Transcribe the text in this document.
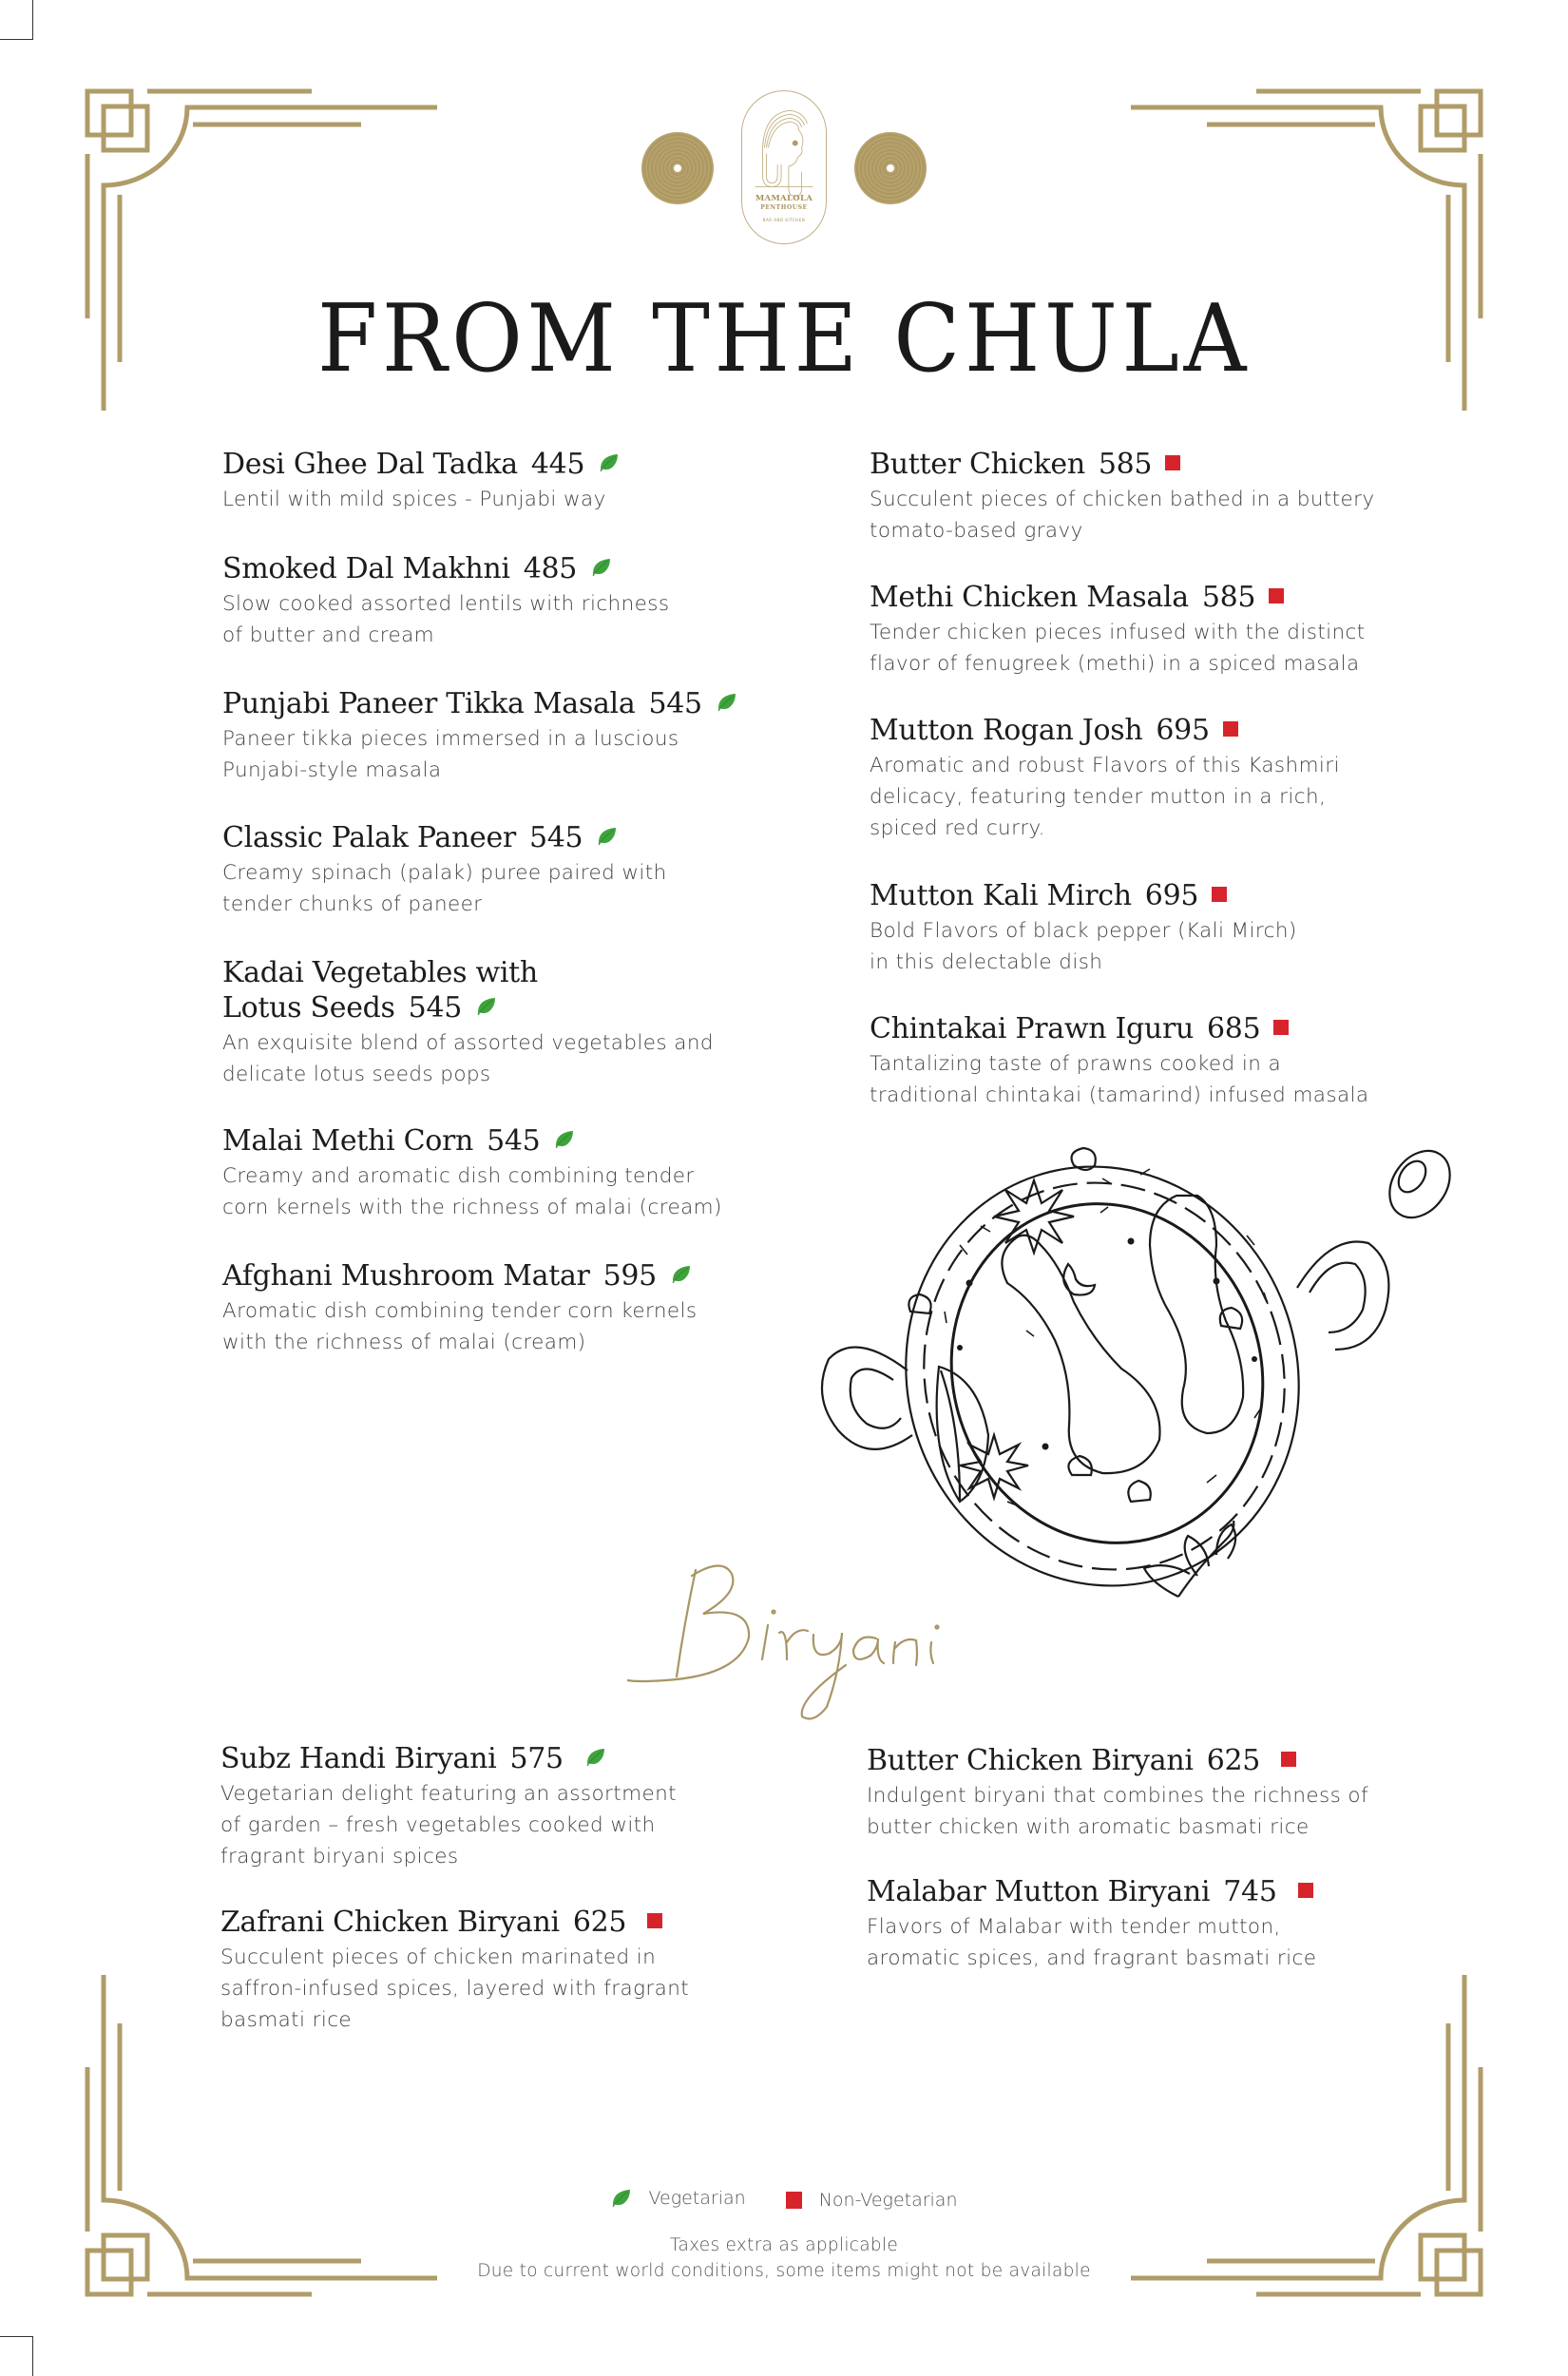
MAMALOLA
PENTHOUSE
BAR AND KITCHEN
FROM THE CHULA
Desi Ghee Dal Tadka 445
Lentil with mild spices - Punjabi way
Smoked Dal Makhni 485
Slow cooked assorted lentils with richness
of butter and cream
Punjabi Paneer Tikka Masala 545
Paneer tikka pieces immersed in a luscious
Punjabi-style masala
Classic Palak Paneer 545
Creamy spinach (palak) puree paired with
tender chunks of paneer
Kadai Vegetables with
Lotus Seeds 545
An exquisite blend of assorted vegetables and
delicate lotus seeds pops
Malai Methi Corn 545
Creamy and aromatic dish combining tender
corn kernels with the richness of malai (cream)
Afghani Mushroom Matar 595
Aromatic dish combining tender corn kernels
with the richness of malai (cream)
Butter Chicken 585
Succulent pieces of chicken bathed in a buttery
tomato-based gravy
Methi Chicken Masala 585
Tender chicken pieces infused with the distinct
flavor of fenugreek (methi) in a spiced masala
Mutton Rogan Josh 695
Aromatic and robust Flavors of this Kashmiri
delicacy, featuring tender mutton in a rich,
spiced red curry.
Mutton Kali Mirch 695
Bold Flavors of black pepper (Kali Mirch)
in this delectable dish
Chintakai Prawn Iguru 685
Tantalizing taste of prawns cooked in a
traditional chintakai (tamarind) infused masala
Subz Handi Biryani 575
Vegetarian delight featuring an assortment
of garden – fresh vegetables cooked with
fragrant biryani spices
Zafrani Chicken Biryani 625
Succulent pieces of chicken marinated in
saffron-infused spices, layered with fragrant
basmati rice
Butter Chicken Biryani 625
Indulgent biryani that combines the richness of
butter chicken with aromatic basmati rice
Malabar Mutton Biryani 745
Flavors of Malabar with tender mutton,
aromatic spices, and fragrant basmati rice
Vegetarian
	Non-Vegetarian
Taxes extra as applicable
Due to current world conditions, some items might not be available
